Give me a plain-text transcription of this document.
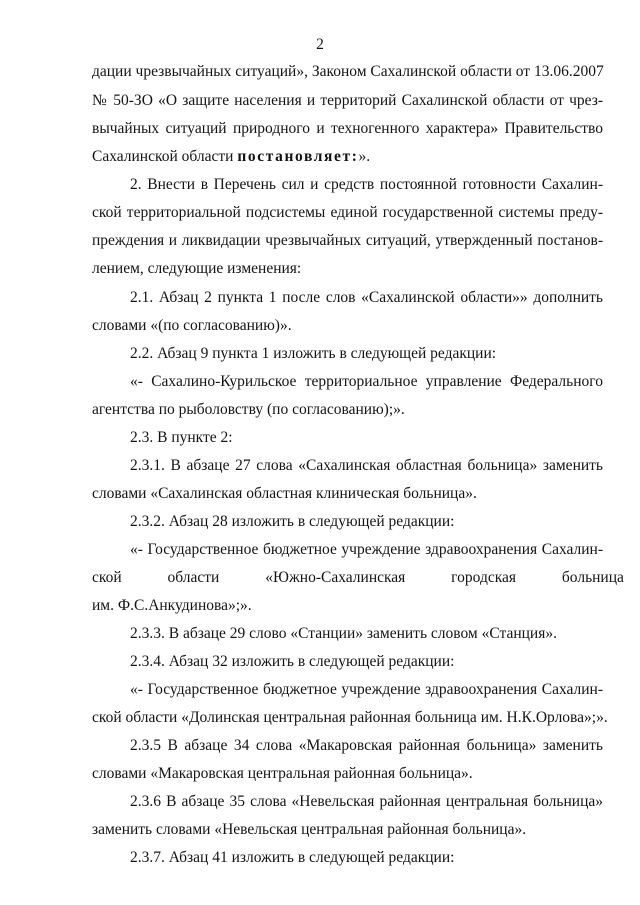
2
дации чрезвычайных ситуаций», Законом Сахалинской области от 13.06.2007
№ 50-ЗО «О защите населения и территорий Сахалинской области от чрез-
вычайных ситуаций природного и техногенного характера» Правительство
Сахалинской области постановляет:».
2. Внести в Перечень сил и средств постоянной готовности Сахалин-
ской территориальной подсистемы единой государственной системы преду-
преждения и ликвидации чрезвычайных ситуаций, утвержденный постанов-
лением, следующие изменения:
2.1. Абзац 2 пункта 1 после слов «Сахалинской области»» дополнить
словами «(по согласованию)».
2.2. Абзац 9 пункта 1 изложить в следующей редакции:
«- Сахалино-Курильское территориальное управление Федерального
агентства по рыболовству (по согласованию);».
2.3. В пункте 2:
2.3.1. В абзаце 27 слова «Сахалинская областная больница» заменить
словами «Сахалинская областная клиническая больница».
2.3.2. Абзац 28 изложить в следующей редакции:
«- Государственное бюджетное учреждение здравоохранения Сахалин-
ской области «Южно-Сахалинская городская больница
им. Ф.С.Анкудинова»;».
2.3.3. В абзаце 29 слово «Станции» заменить словом «Станция».
2.3.4. Абзац 32 изложить в следующей редакции:
«- Государственное бюджетное учреждение здравоохранения Сахалин-
ской области «Долинская центральная районная больница им. Н.К.Орлова»;».
2.3.5 В абзаце 34 слова «Макаровская районная больница» заменить
словами «Макаровская центральная районная больница».
2.3.6 В абзаце 35 слова «Невельская районная центральная больница»
заменить словами «Невельская центральная районная больница».
2.3.7. Абзац 41 изложить в следующей редакции:
